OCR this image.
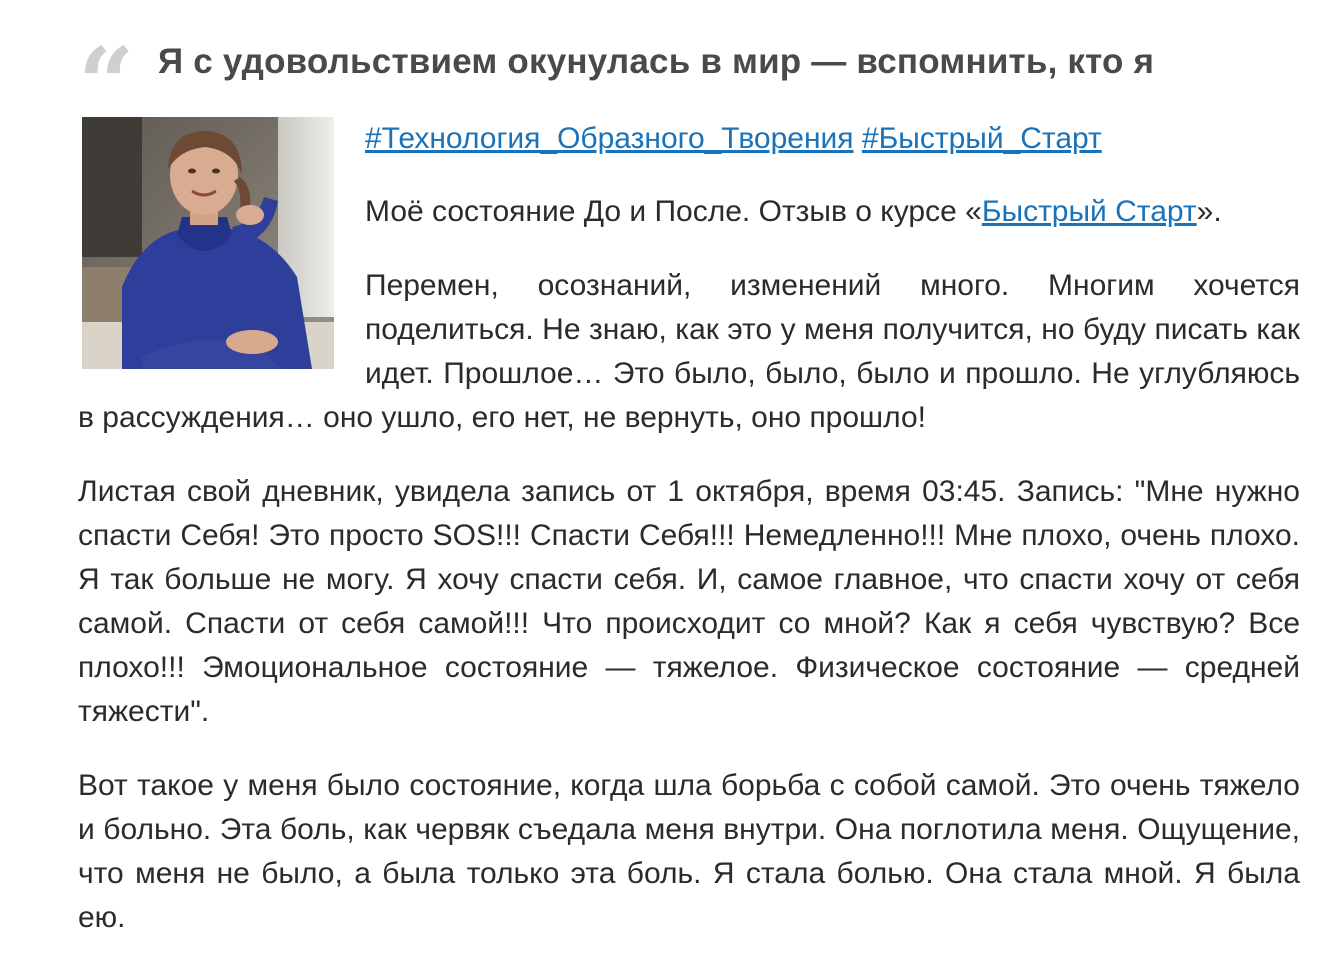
“ Я с удовольствием окунулась в мир — вспомнить, кто я

#Технология_Образного_Творения #Быстрый_Старт

Моё состояние До и После. Отзыв о курсе «Быстрый Старт».

Перемен, осознаний, изменений много. Многим хочется поделиться. Не знаю, как это у меня получится, но буду писать как идет. Прошлое… Это было, было, было и прошло. Не углубляюсь в рассуждения… оно ушло, его нет, не вернуть, оно прошло!

Листая свой дневник, увидела запись от 1 октября, время 03:45. Запись: "Мне нужно спасти Себя! Это просто SOS!!! Спасти Себя!!! Немедленно!!! Мне плохо, очень плохо. Я так больше не могу. Я хочу спасти себя. И, самое главное, что спасти хочу от себя самой. Спасти от себя самой!!! Что происходит со мной? Как я себя чувствую? Все плохо!!! Эмоциональное состояние — тяжелое. Физическое состояние — средней тяжести".

Вот такое у меня было состояние, когда шла борьба с собой самой. Это очень тяжело и больно. Эта боль, как червяк съедала меня внутри. Она поглотила меня. Ощущение, что меня не было, а была только эта боль. Я стала болью. Она стала мной. Я была ею.
